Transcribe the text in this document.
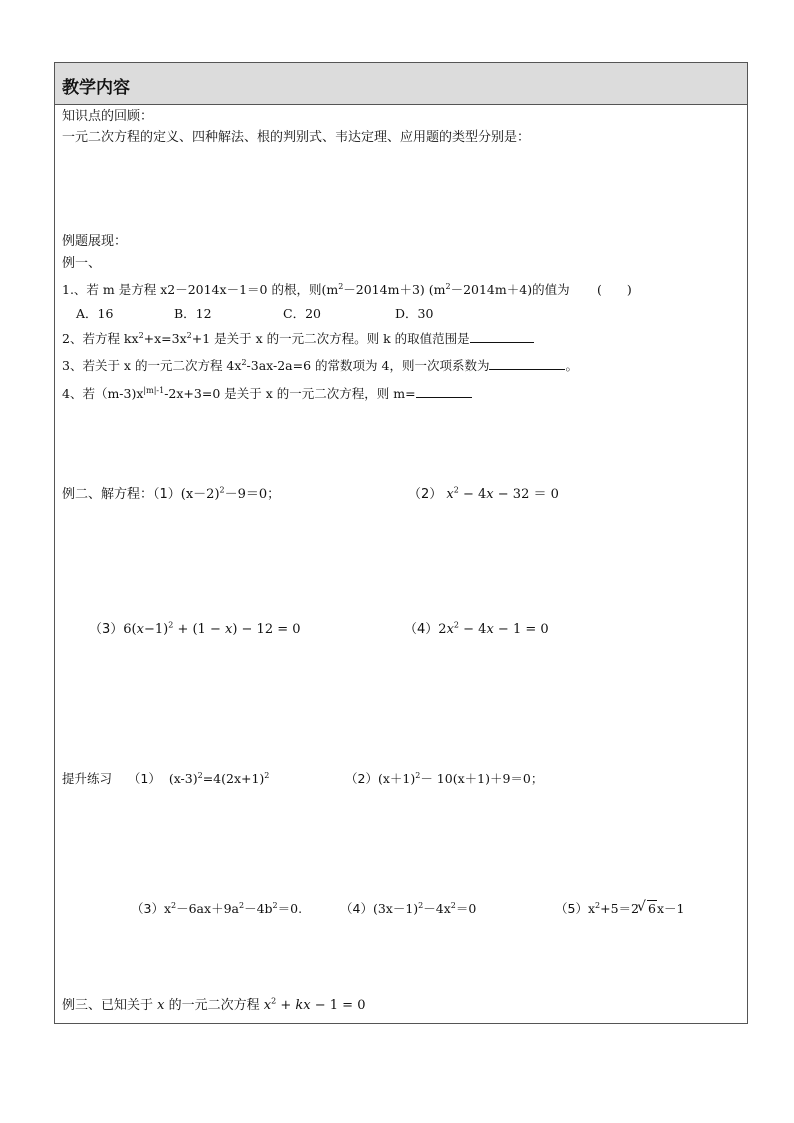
教学内容
知识点的回顾：
一元二次方程的定义、四种解法、根的判别式、韦达定理、应用题的类型分别是：
例题展现：
例一、
1.、若 m 是方程 x2－2014x－1＝0 的根，则$(m^2-2014m+3)$ $(m^2-2014m+4)$的值为 (　　)
A．16	B．12	C．20	D．30
2、若方程 $kx^2+x=3x^2+1$ 是关于 x 的一元二次方程。则 k 的取值范围是
3、若关于 x 的一元二次方程 $4x^2-3ax-2a=6$ 的常数项为 4，则一次项系数为	。
4、若$(m-3)x^{|m|-1}-2x+3=0$ 是关于 x 的一元二次方程，则 m=
例二、解方程：$(1)(x-2)^2-9=0$；	（2） $x^2 - 4x - 32 = 0$
$(3)6(x-1)^2 + (1 - x) - 12 = 0$	$(4)2x^2 - 4x - 1 = 0$
提升练习 （1） $(x-3)^2=4(2x+1)^2$	$(2)(x+1)^2- 10(x+1)+9=0$；
$(3)x^2-6ax+9a^2-4b^2=0$.	$(4)(3x-1)^2-4x^2=0$	$(5)x^2+5=2√$ 6x－1
例三、已知关于 x 的一元二次方程 $x^2$ + kx − 1 = 0
